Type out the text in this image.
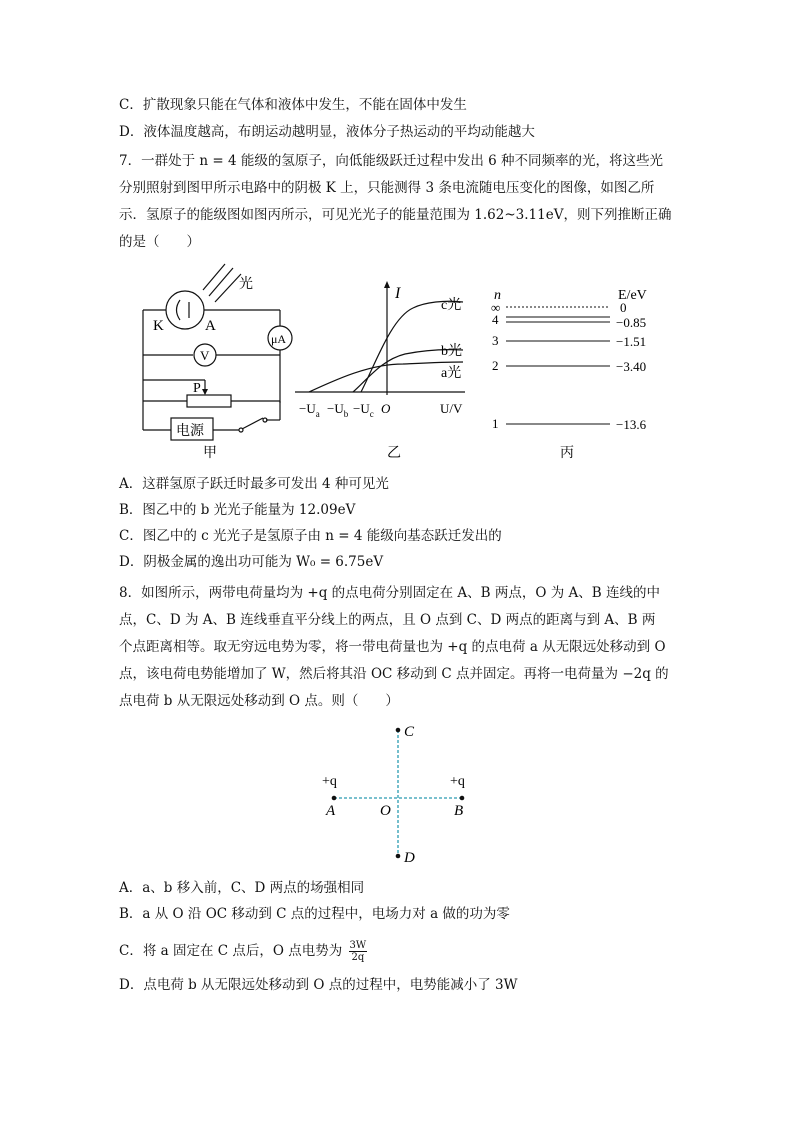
C．扩散现象只能在气体和液体中发生，不能在固体中发生
D．液体温度越高，布朗运动越明显，液体分子热运动的平均动能越大
7．一群处于 n = 4 能级的氢原子，向低能级跃迁过程中发出 6 种不同频率的光，将这些光
分别照射到图甲所示电路中的阴极 K 上，只能测得 3 条电流随电压变化的图像，如图乙所
示．氢原子的能级图如图丙所示，可见光光子的能量范围为 1.62~3.11eV，则下列推断正确
的是（　　）
光
K	A
μA
V
P
电源
甲
I
c光
b光
a光
$-U_a -U_b -U_c$ O	U/V
乙
n	E/eV
∞	0
4	−0.85
3	−1.51
2	−3.40
1	−13.6
丙
A．这群氢原子跃迁时最多可发出 4 种可见光
B．图乙中的 b 光光子能量为 12.09eV
C．图乙中的 c 光光子是氢原子由 n = 4 能级向基态跃迁发出的
D．阴极金属的逸出功可能为 W₀ = 6.75eV
8．如图所示，两带电荷量均为 +q 的点电荷分别固定在 A、B 两点，O 为 A、B 连线的中
点，C、D 为 A、B 连线垂直平分线上的两点，且 O 点到 C、D 两点的距离与到 A、B 两
个点距离相等。取无穷远电势为零，将一带电荷量也为 +q 的点电荷 a 从无限远处移动到 O
点，该电荷电势能增加了 W，然后将其沿 OC 移动到 C 点并固定。再将一电荷量为 −2q 的
点电荷 b 从无限远处移动到 O 点。则（　　）
C
D
A	B
O
+q	+q
A．a、b 移入前，C、D 两点的场强相同
B．a 从 O 沿 OC 移动到 C 点的过程中，电场力对 a 做的功为零
C．将 a 固定在 C 点后，O 点电势为 $\frac{3W}{2q}$
D．点电荷 b 从无限远处移动到 O 点的过程中，电势能减小了 3W
